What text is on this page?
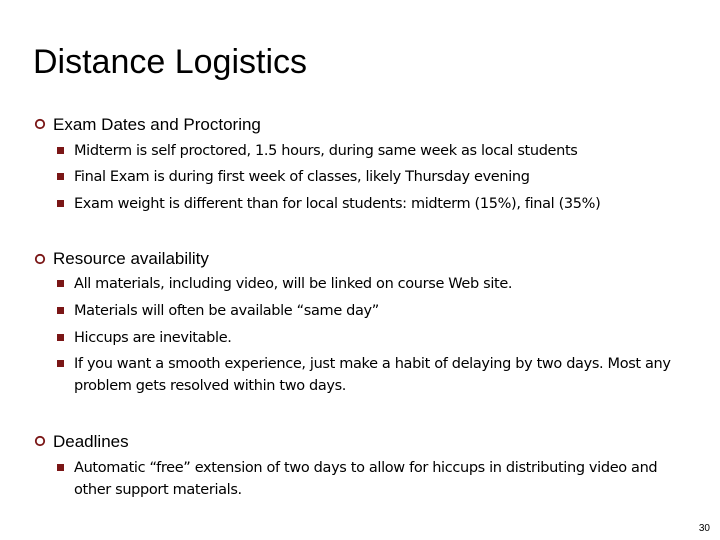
Distance Logistics
Exam Dates and Proctoring
Midterm is self proctored, 1.5 hours, during same week as local students
Final Exam is during first week of classes, likely Thursday evening
Exam weight is different than for local students: midterm (15%), final (35%)
Resource availability
All materials, including video, will be linked on course Web site.
Materials will often be available “same day”
Hiccups are inevitable.
If you want a smooth experience, just make a habit of delaying by two days. Most any problem gets resolved within two days.
Deadlines
Automatic “free” extension of two days to allow for hiccups in distributing video and other support materials.
30
